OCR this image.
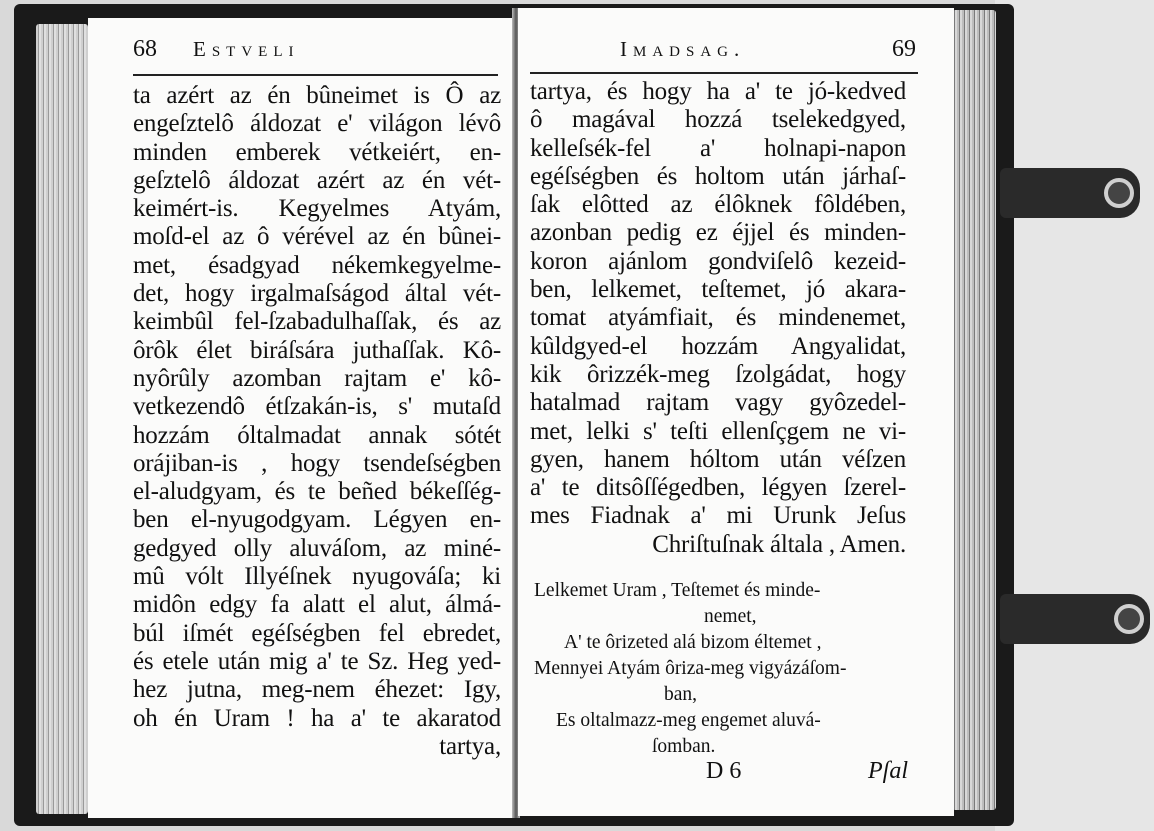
68 Estveli
ta azért az én bûneimet is Ô az
engeſztelô áldozat e' világon lévô
minden emberek vétkeiért, en-
geſztelô áldozat azért az én vét-
keimért-is. Kegyelmes Atyám,
moſd-el az ô vérével az én bûnei-
met, ésadgyad nékemkegyelme-
det, hogy irgalmaſságod által vét-
keimbûl fel-ſzabadulhaſſak, és az
ôrôk élet biráſsára juthaſſak. Kô-
nyôrûly azomban rajtam e' kô-
vetkezendô étſzakán-is, s' mutaſd
hozzám óltalmadat annak sótét
orájiban-is , hogy tsendeſségben
el-aludgyam, és te beñed békeſſég-
ben el-nyugodgyam. Légyen en-
gedgyed olly aluváſom, az miné-
mû vólt Illyéſnek nyugováſa; ki
midôn edgy fa alatt el alut, álmá-
búl iſmét egéſségben fel ebredet,
és etele után mig a' te Sz. Heg yed-
hez jutna, meg-nem éhezet: Igy,
oh én Uram ! ha a' te akaratod
tartya,
Imadsag.	69
tartya, és hogy ha a' te jó-kedved
ô magával hozzá tselekedgyed,
kelleſsék-fel a' holnapi-napon
egéſségben és holtom után járhaſ-
ſak elôtted az élôknek fôldében,
azonban pedig ez éjjel és minden-
koron ajánlom gondviſelô kezeid-
ben, lelkemet, teſtemet, jó akara-
tomat atyámfiait, és mindenemet,
kûldgyed-el hozzám Angyalidat,
kik ôrizzék-meg ſzolgádat, hogy
hatalmad rajtam vagy gyôzedel-
met, lelki s' teſti ellenſçgem ne vi-
gyen, hanem hóltom után véſzen
a' te ditsôſſégedben, légyen ſzerel-
mes Fiadnak a' mi Urunk Jeſus
Chriſtuſnak általa , Amen.
Lelkemet Uram , Teſtemet és minde-
nemet,
A' te ôrizeted alá bizom éltemet ,
Mennyei Atyám ôriza-meg vigyázáſom-
ban,
Es oltalmazz-meg engemet aluvá-
ſomban.
D 6	Pſal
